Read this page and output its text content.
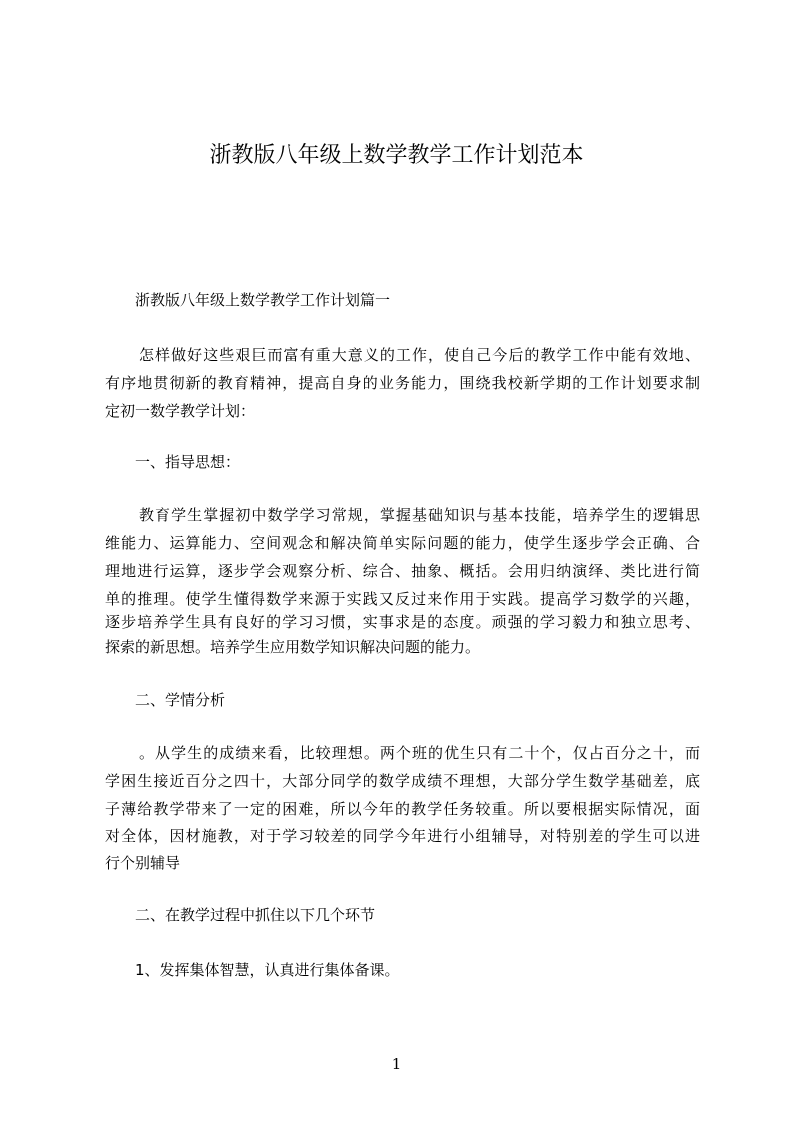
浙教版八年级上数学教学工作计划范本
浙教版八年级上数学教学工作计划篇一
怎样做好这些艰巨而富有重大意义的工作，使自己今后的教学工作中能有效地、
有序地贯彻新的教育精神，提高自身的业务能力，围绕我校新学期的工作计划要求制
定初一数学教学计划：
一、指导思想：
教育学生掌握初中数学学习常规，掌握基础知识与基本技能，培养学生的逻辑思
维能力、运算能力、空间观念和解决简单实际问题的能力，使学生逐步学会正确、合
理地进行运算，逐步学会观察分析、综合、抽象、概括。会用归纳演绎、类比进行简
单的推理。使学生懂得数学来源于实践又反过来作用于实践。提高学习数学的兴趣，
逐步培养学生具有良好的学习习惯，实事求是的态度。顽强的学习毅力和独立思考、
探索的新思想。培养学生应用数学知识解决问题的能力。
二、学情分析
。从学生的成绩来看，比较理想。两个班的优生只有二十个，仅占百分之十，而
学困生接近百分之四十，大部分同学的数学成绩不理想，大部分学生数学基础差，底
子薄给教学带来了一定的困难，所以今年的教学任务较重。所以要根据实际情况，面
对全体，因材施教，对于学习较差的同学今年进行小组辅导，对特别差的学生可以进
行个别辅导
二、在教学过程中抓住以下几个环节
1、发挥集体智慧，认真进行集体备课。
1
